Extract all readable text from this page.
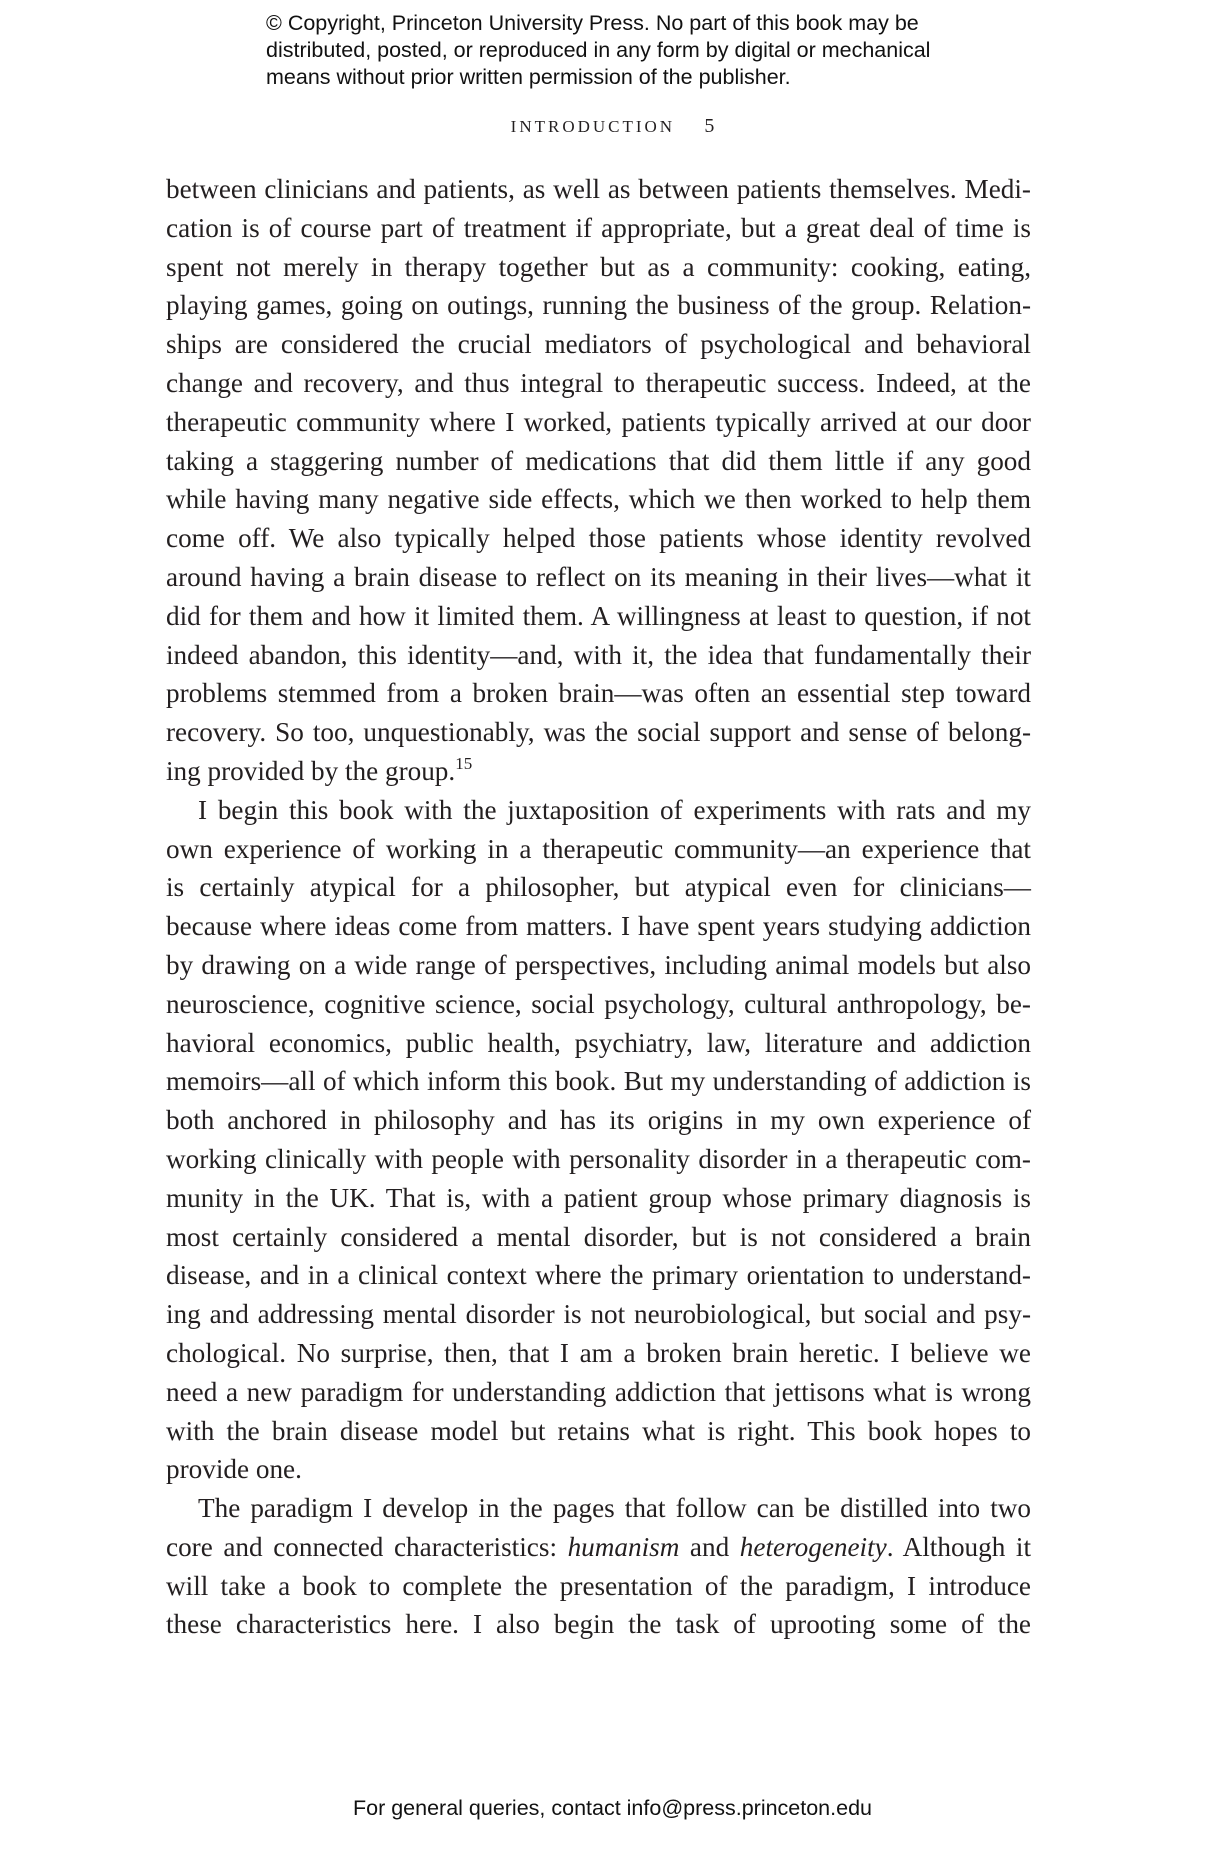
© Copyright, Princeton University Press. No part of this book may be
distributed, posted, or reproduced in any form by digital or mechanical
means without prior written permission of the publisher.
INTRODUCTION 5
between clinicians and patients, as well as between patients themselves. Medi-
cation is of course part of treatment if appropriate, but a great deal of time is
spent not merely in therapy together but as a community: cooking, eating,
playing games, going on outings, running the business of the group. Relation-
ships are considered the crucial mediators of psychological and behavioral
change and recovery, and thus integral to therapeutic success. Indeed, at the
therapeutic community where I worked, patients typically arrived at our door
taking a staggering number of medications that did them little if any good
while having many negative side effects, which we then worked to help them
come off. We also typically helped those patients whose identity revolved
around having a brain disease to reflect on its meaning in their lives—what it
did for them and how it limited them. A willingness at least to question, if not
indeed abandon, this identity—and, with it, the idea that fundamentally their
problems stemmed from a broken brain—was often an essential step toward
recovery. So too, unquestionably, was the social support and sense of belong-
ing provided by the group.$^{15}$
I begin this book with the juxtaposition of experiments with rats and my
own experience of working in a therapeutic community—an experience that
is certainly atypical for a philosopher, but atypical even for clinicians—
because where ideas come from matters. I have spent years studying addiction
by drawing on a wide range of perspectives, including animal models but also
neuroscience, cognitive science, social psychology, cultural anthropology, be-
havioral economics, public health, psychiatry, law, literature and addiction
memoirs—all of which inform this book. But my understanding of addiction is
both anchored in philosophy and has its origins in my own experience of
working clinically with people with personality disorder in a therapeutic com-
munity in the UK. That is, with a patient group whose primary diagnosis is
most certainly considered a mental disorder, but is not considered a brain
disease, and in a clinical context where the primary orientation to understand-
ing and addressing mental disorder is not neurobiological, but social and psy-
chological. No surprise, then, that I am a broken brain heretic. I believe we
need a new paradigm for understanding addiction that jettisons what is wrong
with the brain disease model but retains what is right. This book hopes to
provide one.
The paradigm I develop in the pages that follow can be distilled into two
core and connected characteristics: humanism and heterogeneity. Although it
will take a book to complete the presentation of the paradigm, I introduce
these characteristics here. I also begin the task of uprooting some of the
For general queries, contact info@press.princeton.edu
